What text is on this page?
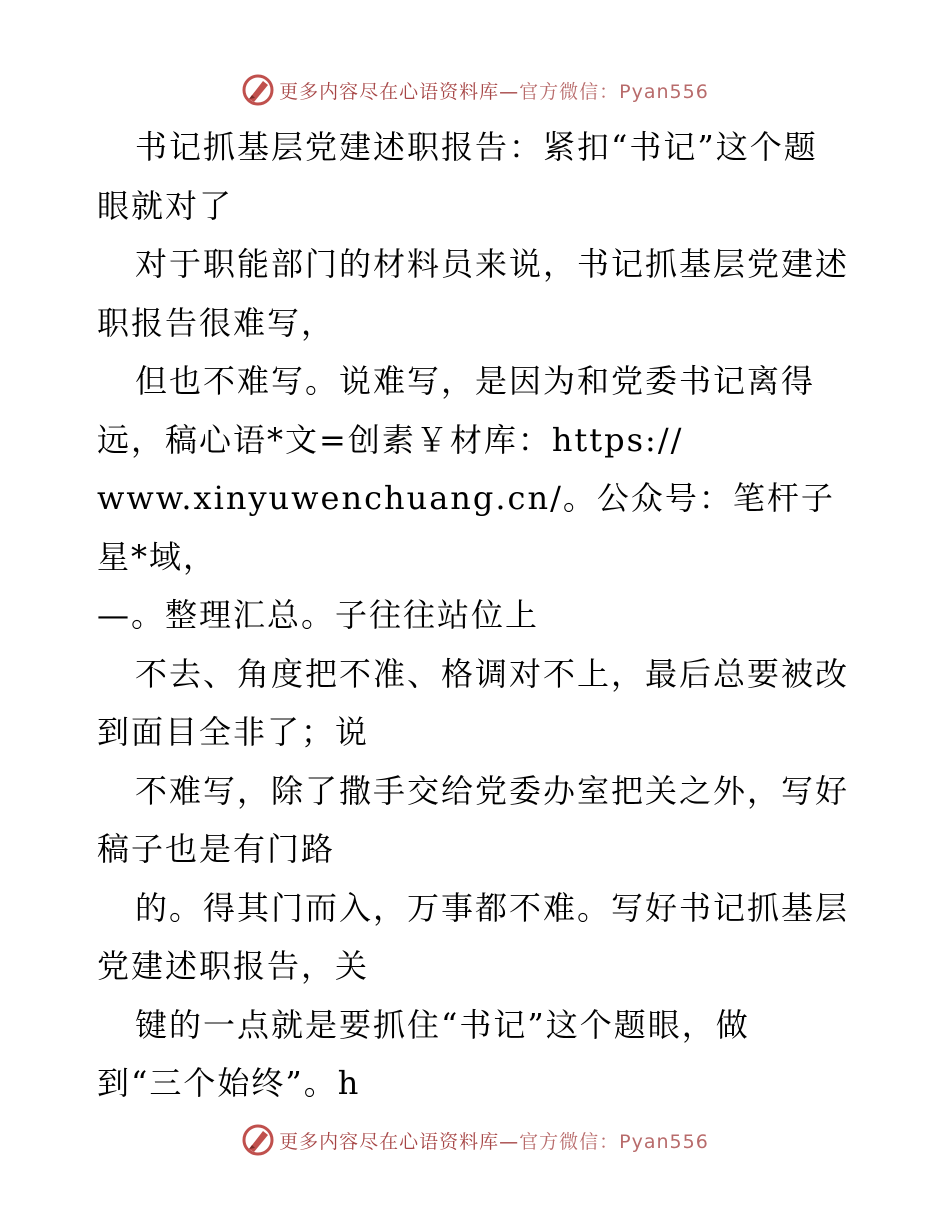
更多内容尽在心语资料库—官方微信：Pyan556

书记抓基层党建述职报告：紧扣“书记”这个题
眼就对了

对于职能部门的材料员来说，书记抓基层党建述
职报告很难写，

但也不难写。说难写，是因为和党委书记离得
远，稿心语*文=创素￥材库：https://
www.xinyuwenchuang.cn/。公众号：笔杆子星*域，
—。整理汇总。子往往站位上

不去、角度把不准、格调对不上，最后总要被改
到面目全非了；说

不难写，除了撒手交给党委办室把关之外，写好
稿子也是有门路

的。得其门而入，万事都不难。写好书记抓基层
党建述职报告，关

键的一点就是要抓住“书记”这个题眼，做
到“三个始终”。h

更多内容尽在心语资料库—官方微信：Pyan556
